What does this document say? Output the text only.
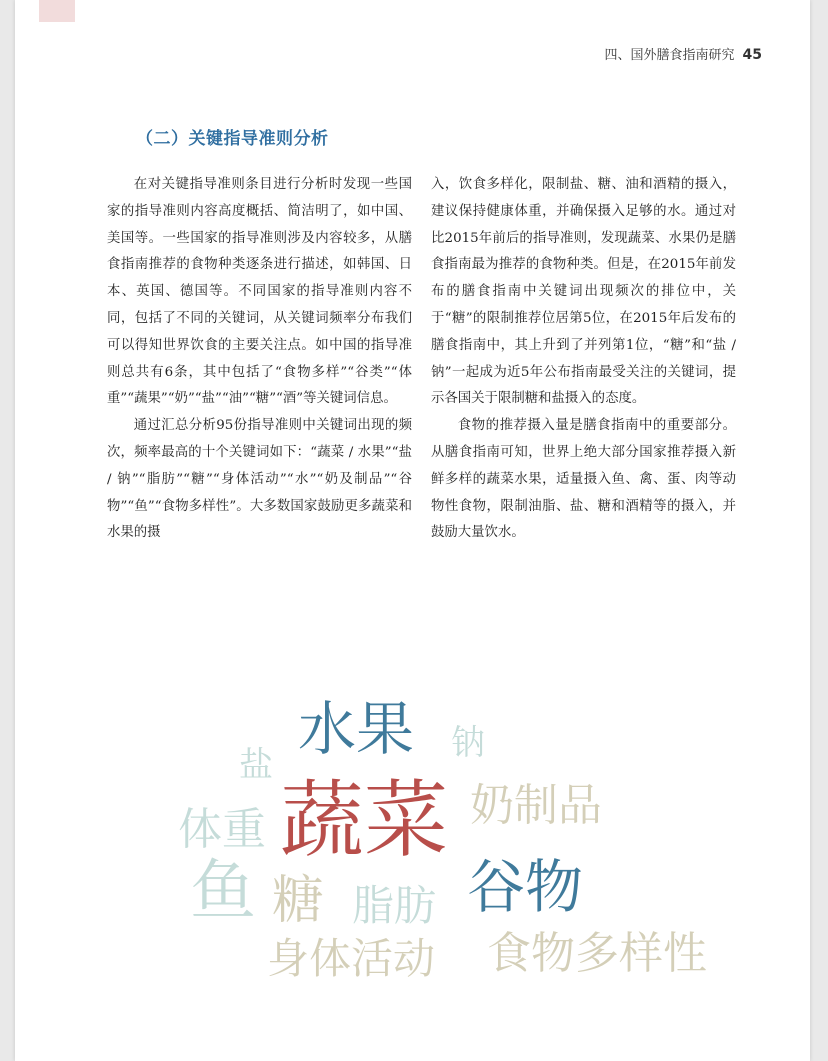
四、国外膳食指南研究 45
（二）关键指导准则分析

在对关键指导准则条目进行分析时发现一些国家的指导准则内容高度概括、简洁明了，如中国、美国等。一些国家的指导准则涉及内容较多，从膳食指南推荐的食物种类逐条进行描述，如韩国、日本、英国、德国等。不同国家的指导准则内容不同，包括了不同的关键词，从关键词频率分布我们可以得知世界饮食的主要关注点。如中国的指导准则总共有6条，其中包括了“食物多样”“谷类”“体重”“蔬果”“奶”“盐”“油”“糖”“酒”等关键词信息。

通过汇总分析95份指导准则中关键词出现的频次，频率最高的十个关键词如下：“蔬菜 / 水果”“盐 / 钠”“脂肪”“糖”“身体活动”“水”“奶及制品”“谷物”“鱼”“食物多样性”。大多数国家鼓励更多蔬菜和水果的摄

入，饮食多样化，限制盐、糖、油和酒精的摄入，建议保持健康体重，并确保摄入足够的水。通过对比2015年前后的指导准则，发现蔬菜、水果仍是膳食指南最为推荐的食物种类。但是，在2015年前发布的膳食指南中关键词出现频次的排位中，关于“糖”的限制推荐位居第5位，在2015年后发布的膳食指南中，其上升到了并列第1位，“糖”和“盐 / 钠”一起成为近5年公布指南最受关注的关键词，提示各国关于限制糖和盐摄入的态度。

食物的推荐摄入量是膳食指南中的重要部分。从膳食指南可知，世界上绝大部分国家推荐摄入新鲜多样的蔬菜水果，适量摄入鱼、禽、蛋、肉等动物性食物，限制油脂、盐、糖和酒精等的摄入，并鼓励大量饮水。

水果 钠
盐
蔬菜 奶制品
体重
鱼 糖 脂肪 谷物
身体活动 食物多样性
